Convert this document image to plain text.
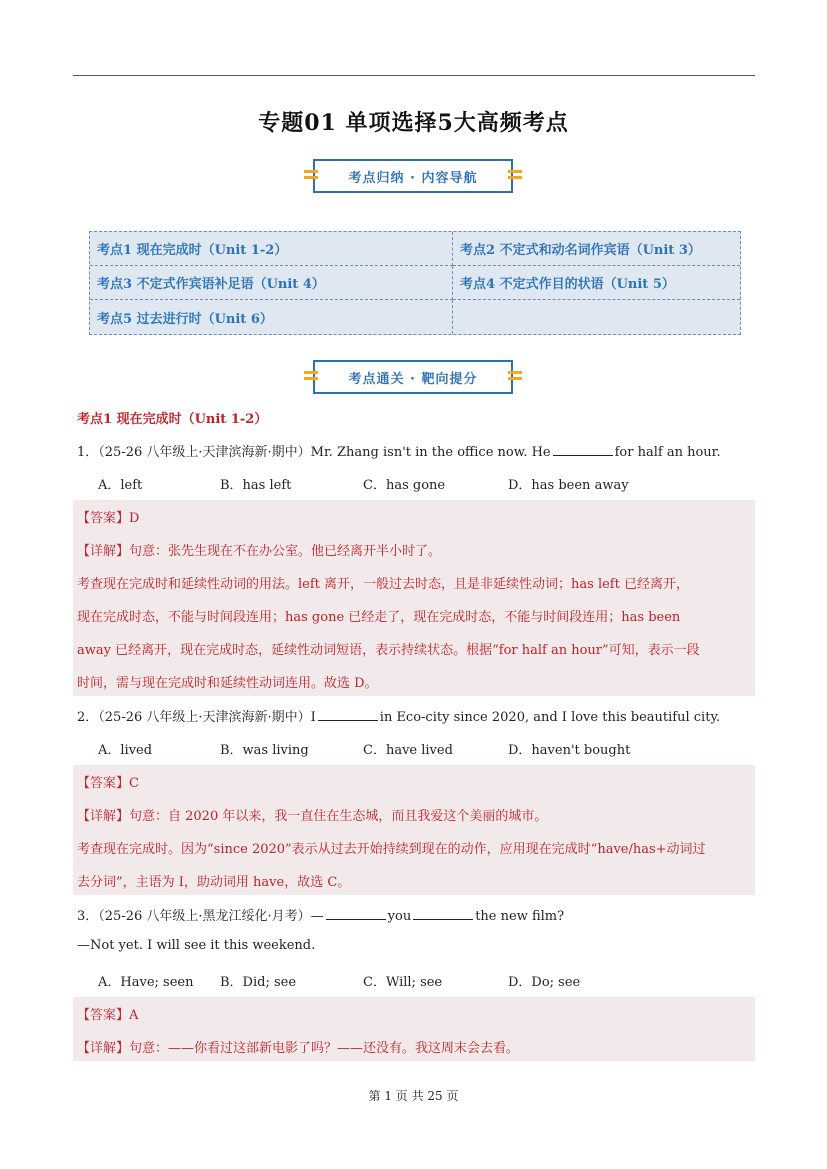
专题01 单项选择5大高频考点
考点归纳 · 内容导航
考点1 现在完成时（Unit 1-2）	考点2 不定式和动名词作宾语（Unit 3）
考点3 不定式作宾语补足语（Unit 4）	考点4 不定式作目的状语（Unit 5）
考点5 过去进行时（Unit 6）
考点通关 · 靶向提分
考点1 现在完成时（Unit 1-2）
1．（25-26 八年级上·天津滨海新·期中）Mr. Zhang isn't in the office now. He	for half an hour.
A．left	B．has left	C．has gone	D．has been away
【答案】D
【详解】句意：张先生现在不在办公室。他已经离开半小时了。
考查现在完成时和延续性动词的用法。left 离开，一般过去时态，且是非延续性动词；has left 已经离开，
现在完成时态，不能与时间段连用；has gone 已经走了，现在完成时态，不能与时间段连用；has been
away 已经离开，现在完成时态，延续性动词短语，表示持续状态。根据“for half an hour”可知，表示一段
时间，需与现在完成时和延续性动词连用。故选 D。
2．（25-26 八年级上·天津滨海新·期中）I	in Eco-city since 2020, and I love this beautiful city.
A．lived	B．was living	C．have lived	D．haven't bought
【答案】C
【详解】句意：自 2020 年以来，我一直住在生态城，而且我爱这个美丽的城市。
考查现在完成时。因为“since 2020”表示从过去开始持续到现在的动作，应用现在完成时“have/has+动词过
去分词”，主语为 I，助动词用 have，故选 C。
3．（25-26 八年级上·黑龙江绥化·月考）—	you	the new film?
—Not yet. I will see it this weekend.
A．Have; seen B．Did; see	C．Will; see	D．Do; see
【答案】A
【详解】句意：——你看过这部新电影了吗？——还没有。我这周末会去看。
第 1 页 共 25 页
